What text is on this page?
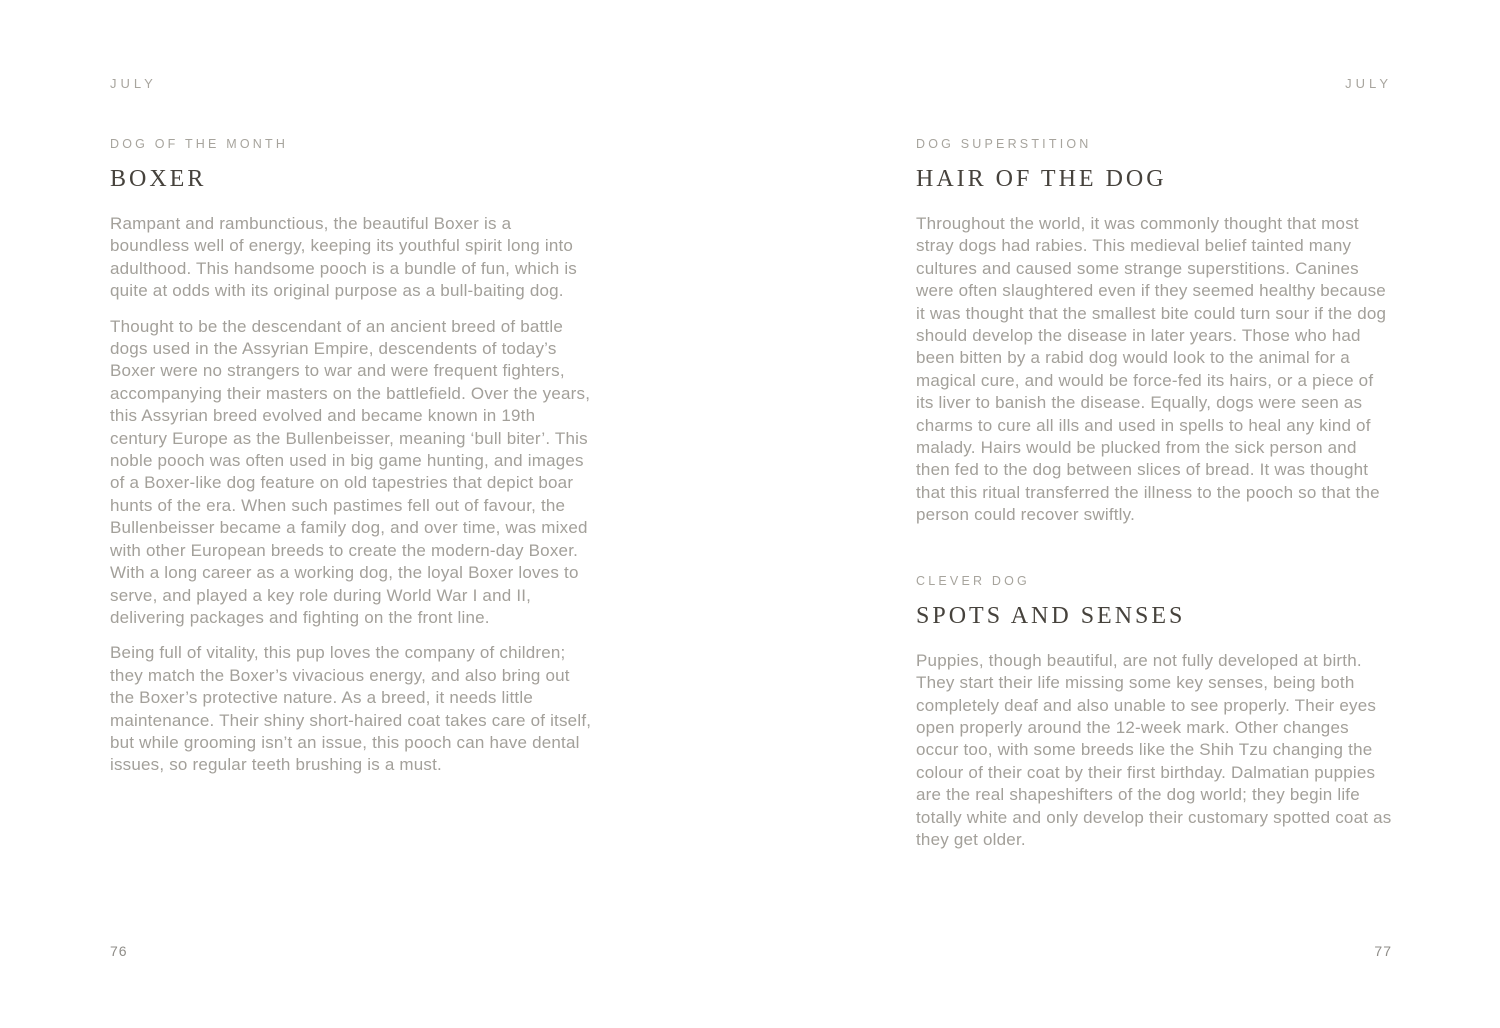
JULY
DOG OF THE MONTH
BOXER

Rampant and rambunctious, the beautiful Boxer is a boundless well of energy, keeping its youthful spirit long into adulthood. This handsome pooch is a bundle of fun, which is quite at odds with its original purpose as a bull-baiting dog.

Thought to be the descendant of an ancient breed of battle dogs used in the Assyrian Empire, descendents of today’s Boxer were no strangers to war and were frequent fighters, accompanying their masters on the battlefield. Over the years, this Assyrian breed evolved and became known in 19th century Europe as the Bullenbeisser, meaning ‘bull biter’. This noble pooch was often used in big game hunting, and images of a Boxer-like dog feature on old tapestries that depict boar hunts of the era. When such pastimes fell out of favour, the Bullenbeisser became a family dog, and over time, was mixed with other European breeds to create the modern-day Boxer. With a long career as a working dog, the loyal Boxer loves to serve, and played a key role during World War I and II, delivering packages and fighting on the front line.

Being full of vitality, this pup loves the company of children; they match the Boxer’s vivacious energy, and also bring out the Boxer’s protective nature. As a breed, it needs little maintenance. Their shiny short-haired coat takes care of itself, but while grooming isn’t an issue, this pooch can have dental issues, so regular teeth brushing is a must.

76
JULY
DOG SUPERSTITION
HAIR OF THE DOG

Throughout the world, it was commonly thought that most stray dogs had rabies. This medieval belief tainted many cultures and caused some strange superstitions. Canines were often slaughtered even if they seemed healthy because it was thought that the smallest bite could turn sour if the dog should develop the disease in later years. Those who had been bitten by a rabid dog would look to the animal for a magical cure, and would be force-fed its hairs, or a piece of its liver to banish the disease. Equally, dogs were seen as charms to cure all ills and used in spells to heal any kind of malady. Hairs would be plucked from the sick person and then fed to the dog between slices of bread. It was thought that this ritual transferred the illness to the pooch so that the person could recover swiftly.

CLEVER DOG
SPOTS AND SENSES

Puppies, though beautiful, are not fully developed at birth. They start their life missing some key senses, being both completely deaf and also unable to see properly. Their eyes open properly around the 12-week mark. Other changes occur too, with some breeds like the Shih Tzu changing the colour of their coat by their first birthday. Dalmatian puppies are the real shapeshifters of the dog world; they begin life totally white and only develop their customary spotted coat as they get older.

77
